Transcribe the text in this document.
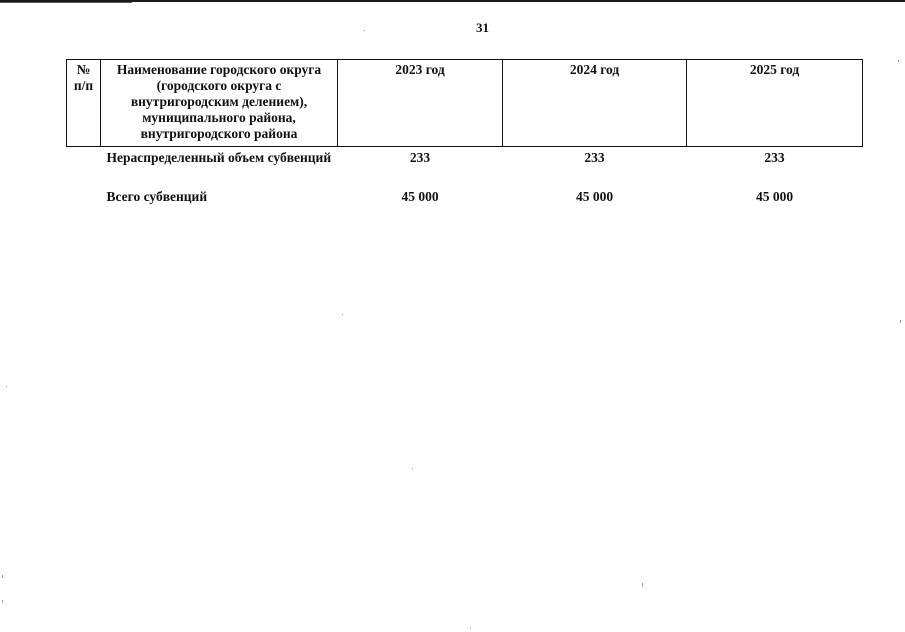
31
№ п/п	Наименование городского округа (городского округа с внутригородским делением), муниципального района, внутригородского района	2023 год	2024 год	2025 год
	Нераспределенный объем субвенций	233	233	233
	Всего субвенций	45 000	45 000	45 000
